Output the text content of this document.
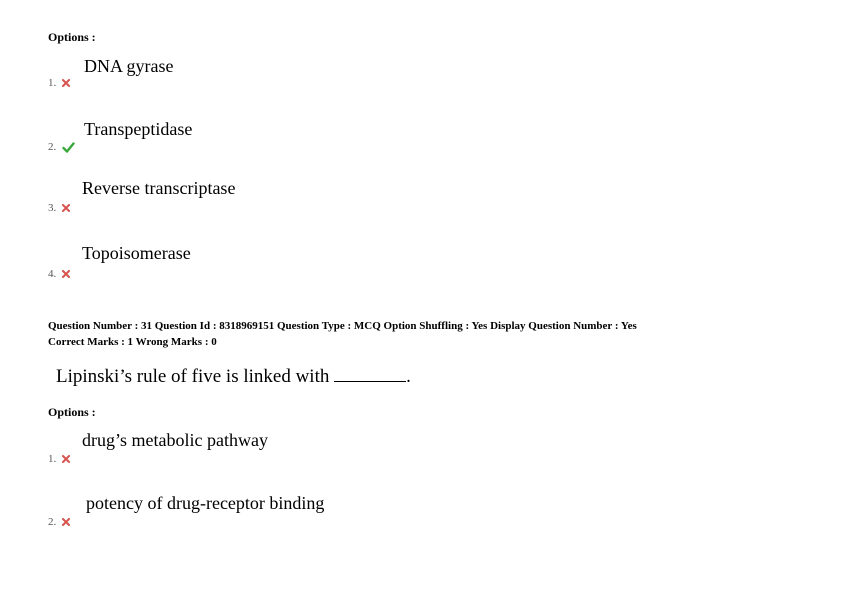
Options :
DNA gyrase
1.
Transpeptidase
2.
Reverse transcriptase
3.
Topoisomerase
4.
Question Number : 31 Question Id : 8318969151 Question Type : MCQ Option Shuffling : Yes Display Question Number : Yes
Correct Marks : 1 Wrong Marks : 0
Lipinski’s rule of five is linked with	.
Options :
drug’s metabolic pathway
1.
potency of drug-receptor binding
2.
